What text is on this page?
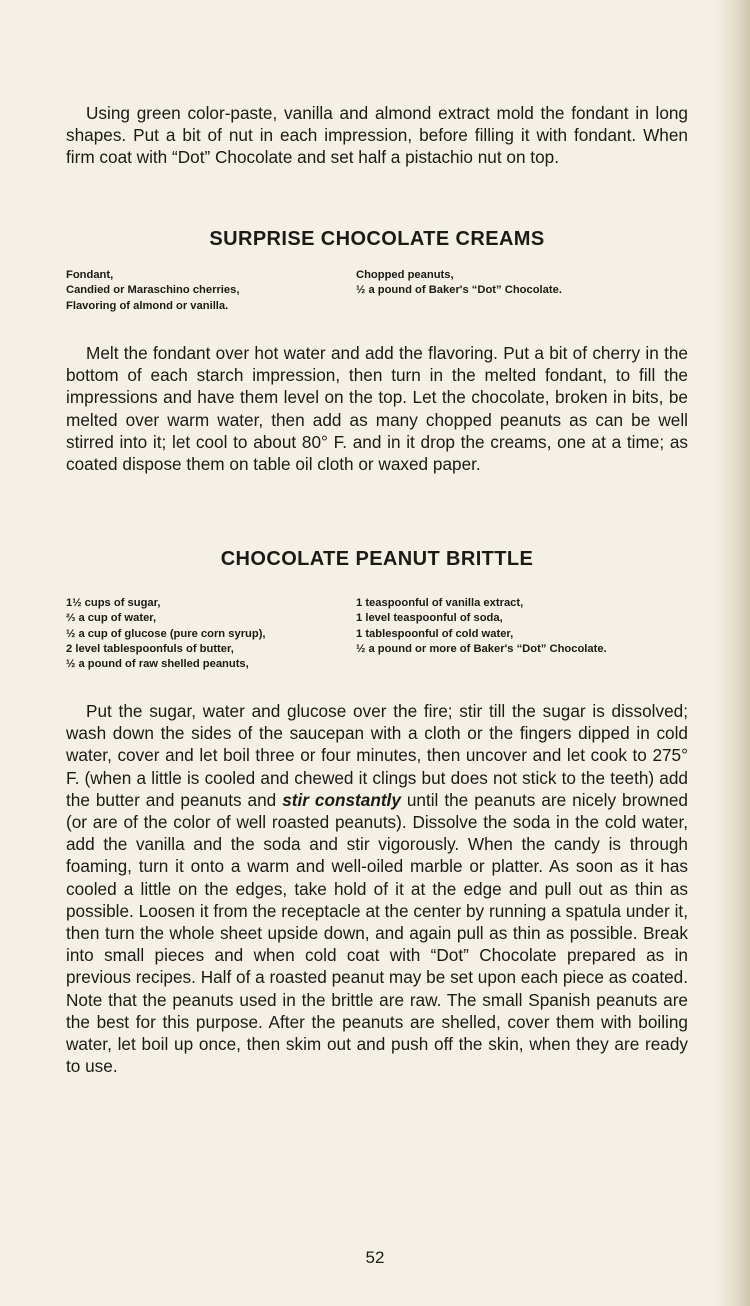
Using green color-paste, vanilla and almond extract mold the fondant in long shapes. Put a bit of nut in each impression, before filling it with fondant. When firm coat with “Dot” Chocolate and set half a pistachio nut on top.

SURPRISE CHOCOLATE CREAMS
Fondant,
Candied or Maraschino cherries,
Flavoring of almond or vanilla.
Chopped peanuts,
½ a pound of Baker's “Dot” Chocolate.

Melt the fondant over hot water and add the flavoring. Put a bit of cherry in the bottom of each starch impression, then turn in the melted fondant, to fill the impressions and have them level on the top. Let the chocolate, broken in bits, be melted over warm water, then add as many chopped peanuts as can be well stirred into it; let cool to about 80° F. and in it drop the creams, one at a time; as coated dispose them on table oil cloth or waxed paper.

CHOCOLATE PEANUT BRITTLE
1½ cups of sugar,
⅔ a cup of water,
½ a cup of glucose (pure corn syrup),
2 level tablespoonfuls of butter,
½ a pound of raw shelled peanuts,
1 teaspoonful of vanilla extract,
1 level teaspoonful of soda,
1 tablespoonful of cold water,
½ a pound or more of Baker's “Dot” Chocolate.

Put the sugar, water and glucose over the fire; stir till the sugar is dissolved; wash down the sides of the saucepan with a cloth or the fingers dipped in cold water, cover and let boil three or four minutes, then uncover and let cook to 275° F. (when a little is cooled and chewed it clings but does not stick to the teeth) add the butter and peanuts and stir constantly until the peanuts are nicely browned (or are of the color of well roasted peanuts). Dissolve the soda in the cold water, add the vanilla and the soda and stir vigorously. When the candy is through foaming, turn it onto a warm and well-oiled marble or platter. As soon as it has cooled a little on the edges, take hold of it at the edge and pull out as thin as possible. Loosen it from the receptacle at the center by running a spatula under it, then turn the whole sheet upside down, and again pull as thin as possible. Break into small pieces and when cold coat with “Dot” Chocolate prepared as in previous recipes. Half of a roasted peanut may be set upon each piece as coated. Note that the peanuts used in the brittle are raw. The small Spanish peanuts are the best for this purpose. After the peanuts are shelled, cover them with boiling water, let boil up once, then skim out and push off the skin, when they are ready to use.

52
